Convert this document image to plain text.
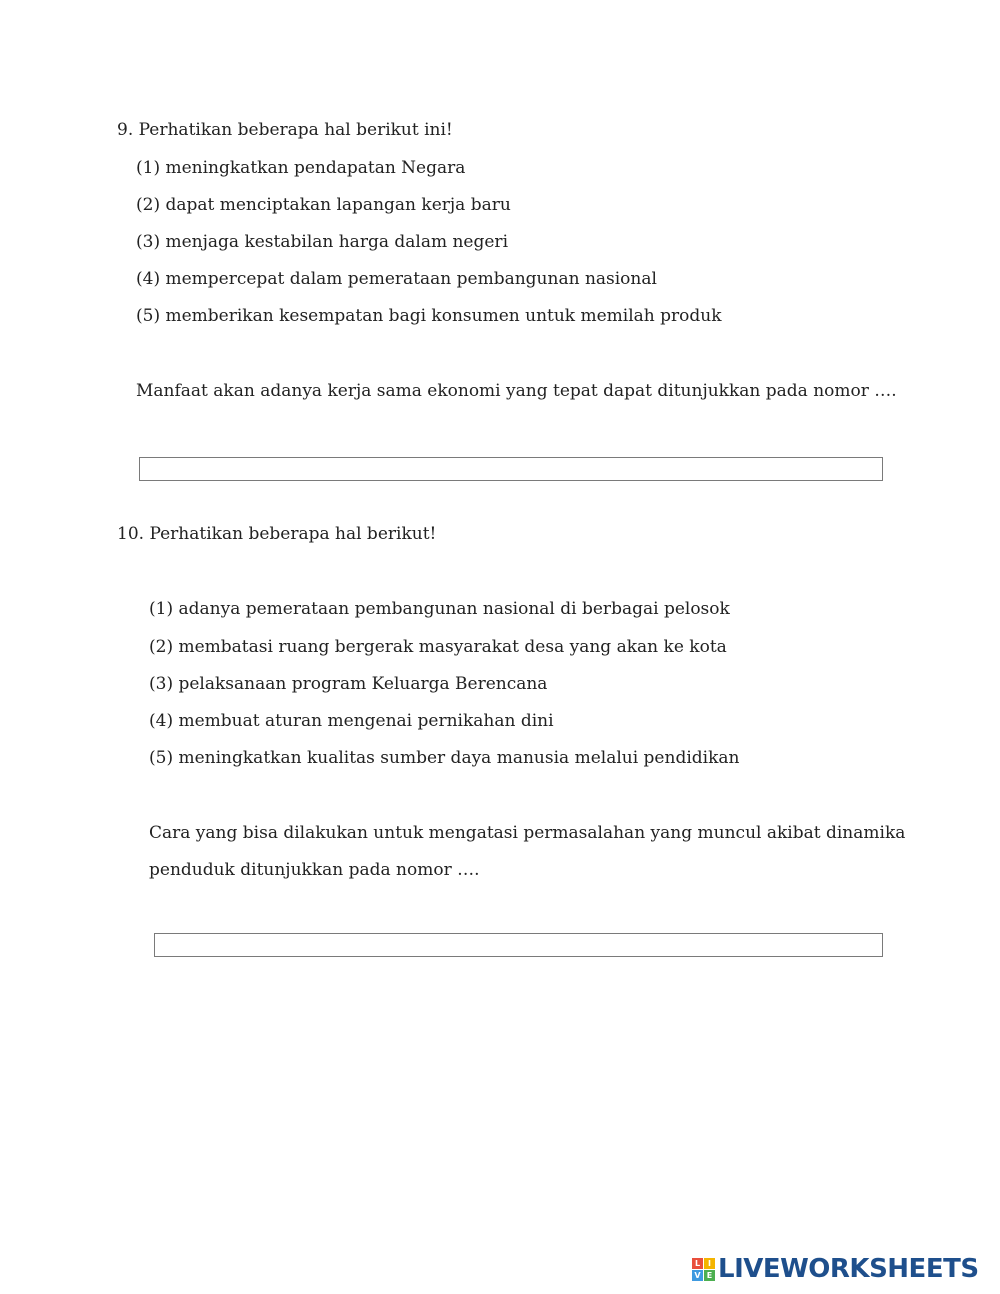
9. Perhatikan beberapa hal berikut ini!
(1) meningkatkan pendapatan Negara
(2) dapat menciptakan lapangan kerja baru
(3) menjaga kestabilan harga dalam negeri
(4) mempercepat dalam pemerataan pembangunan nasional
(5) memberikan kesempatan bagi konsumen untuk memilah produk
Manfaat akan adanya kerja sama ekonomi yang tepat dapat ditunjukkan pada nomor ….
10. Perhatikan beberapa hal berikut!
(1) adanya pemerataan pembangunan nasional di berbagai pelosok
(2) membatasi ruang bergerak masyarakat desa yang akan ke kota
(3) pelaksanaan program Keluarga Berencana
(4) membuat aturan mengenai pernikahan dini
(5) meningkatkan kualitas sumber daya manusia melalui pendidikan
Cara yang bisa dilakukan untuk mengatasi permasalahan yang muncul akibat dinamika
penduduk ditunjukkan pada nomor ….
L I
V E LIVEWORKSHEETS
